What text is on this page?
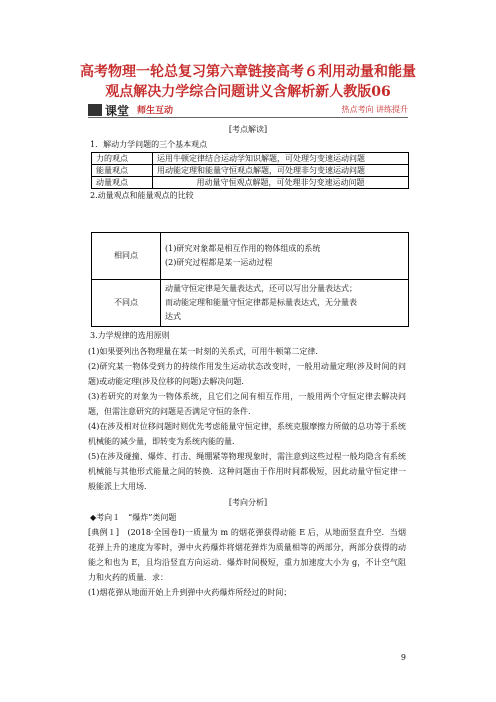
高考物理一轮总复习第六章链接高考６利用动量和能量
观点解决力学综合问题讲义含解析新人教版06
课堂 师生互动	热点考向 讲练提升
[考点解读]
1．解动力学问题的三个基本观点
力的观点	运用牛顿定律结合运动学知识解题，可处理匀变速运动问题
能量观点	用动能定理和能量守恒观点解题，可处理非匀变速运动问题
动量观点	用动量守恒观点解题，可处理非匀变速运动问题
2.动量观点和能量观点的比较
相同点	(1)研究对象都是相互作用的物体组成的系统
(2)研究过程都是某一运动过程

不同点	动量守恒定律是矢量表达式，还可以写出分量表达式；
而动能定理和能量守恒定律都是标量表达式，无分量表
达式
3.力学规律的选用原则
(1)如果要列出各物理量在某一时刻的关系式，可用牛顿第二定律.
(2)研究某一物体受到力的持续作用发生运动状态改变时，一般用动量定理(涉及时间的问题)或动能定理(涉及位移的问题)去解决问题.
(3)若研究的对象为一物体系统，且它们之间有相互作用，一般用两个守恒定律去解决问题，但需注意研究的问题是否满足守恒的条件.
(4)在涉及相对位移问题时则优先考虑能量守恒定律，系统克服摩擦力所做的总功等于系统机械能的减少量，即转变为系统内能的量.
(5)在涉及碰撞、爆炸、打击、绳绷紧等物理现象时，需注意到这些过程一般均隐含有系统机械能与其他形式能量之间的转换．这种问题由于作用时间都极短，因此动量守恒定律一般能派上大用场.
[考向分析]
◆考向１　“爆炸”类问题
[典例１]　(2018·全国卷Ⅰ)一质量为 m 的烟花弹获得动能 E 后，从地面竖直升空．当烟花弹上升的速度为零时，弹中火药爆炸将烟花弹炸为质量相等的两部分，两部分获得的动能之和也为 E，且均沿竖直方向运动．爆炸时间极短，重力加速度大小为 g，不计空气阻力和火药的质量．求：
(1)烟花弹从地面开始上升到弹中火药爆炸所经过的时间；
9
